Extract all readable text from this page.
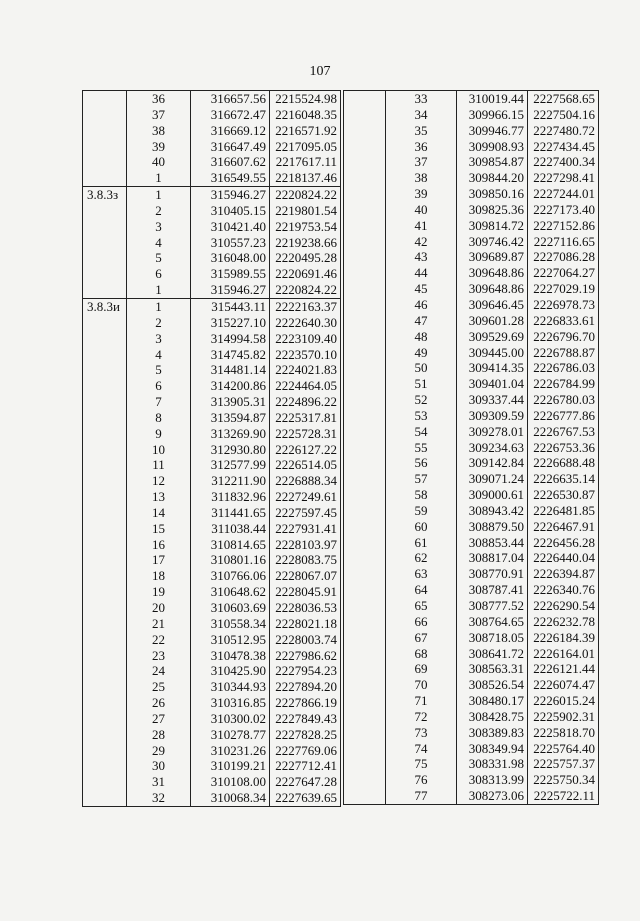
107
	36	316657.56	2215524.98
	37	316672.47	2216048.35
	38	316669.12	2216571.92
	39	316647.49	2217095.05
	40	316607.62	2217617.11
	1	316549.55	2218137.46
3.8.3з	1	315946.27	2220824.22
	2	310405.15	2219801.54
	3	310421.40	2219753.54
	4	310557.23	2219238.66
	5	316048.00	2220495.28
	6	315989.55	2220691.46
	1	315946.27	2220824.22
3.8.3и	1	315443.11	2222163.37
	2	315227.10	2222640.30
	3	314994.58	2223109.40
	4	314745.82	2223570.10
	5	314481.14	2224021.83
	6	314200.86	2224464.05
	7	313905.31	2224896.22
	8	313594.87	2225317.81
	9	313269.90	2225728.31
	10	312930.80	2226127.22
	11	312577.99	2226514.05
	12	312211.90	2226888.34
	13	311832.96	2227249.61
	14	311441.65	2227597.45
	15	311038.44	2227931.41
	16	310814.65	2228103.97
	17	310801.16	2228083.75
	18	310766.06	2228067.07
	19	310648.62	2228045.91
	20	310603.69	2228036.53
	21	310558.34	2228021.18
	22	310512.95	2228003.74
	23	310478.38	2227986.62
	24	310425.90	2227954.23
	25	310344.93	2227894.20
	26	310316.85	2227866.19
	27	310300.02	2227849.43
	28	310278.77	2227828.25
	29	310231.26	2227769.06
	30	310199.21	2227712.41
	31	310108.00	2227647.28
	32	310068.34	2227639.65
	33	310019.44	2227568.65
	34	309966.15	2227504.16
	35	309946.77	2227480.72
	36	309908.93	2227434.45
	37	309854.87	2227400.34
	38	309844.20	2227298.41
	39	309850.16	2227244.01
	40	309825.36	2227173.40
	41	309814.72	2227152.86
	42	309746.42	2227116.65
	43	309689.87	2227086.28
	44	309648.86	2227064.27
	45	309648.86	2227029.19
	46	309646.45	2226978.73
	47	309601.28	2226833.61
	48	309529.69	2226796.70
	49	309445.00	2226788.87
	50	309414.35	2226786.03
	51	309401.04	2226784.99
	52	309337.44	2226780.03
	53	309309.59	2226777.86
	54	309278.01	2226767.53
	55	309234.63	2226753.36
	56	309142.84	2226688.48
	57	309071.24	2226635.14
	58	309000.61	2226530.87
	59	308943.42	2226481.85
	60	308879.50	2226467.91
	61	308853.44	2226456.28
	62	308817.04	2226440.04
	63	308770.91	2226394.87
	64	308787.41	2226340.76
	65	308777.52	2226290.54
	66	308764.65	2226232.78
	67	308718.05	2226184.39
	68	308641.72	2226164.01
	69	308563.31	2226121.44
	70	308526.54	2226074.47
	71	308480.17	2226015.24
	72	308428.75	2225902.31
	73	308389.83	2225818.70
	74	308349.94	2225764.40
	75	308331.98	2225757.37
	76	308313.99	2225750.34
	77	308273.06	2225722.11
